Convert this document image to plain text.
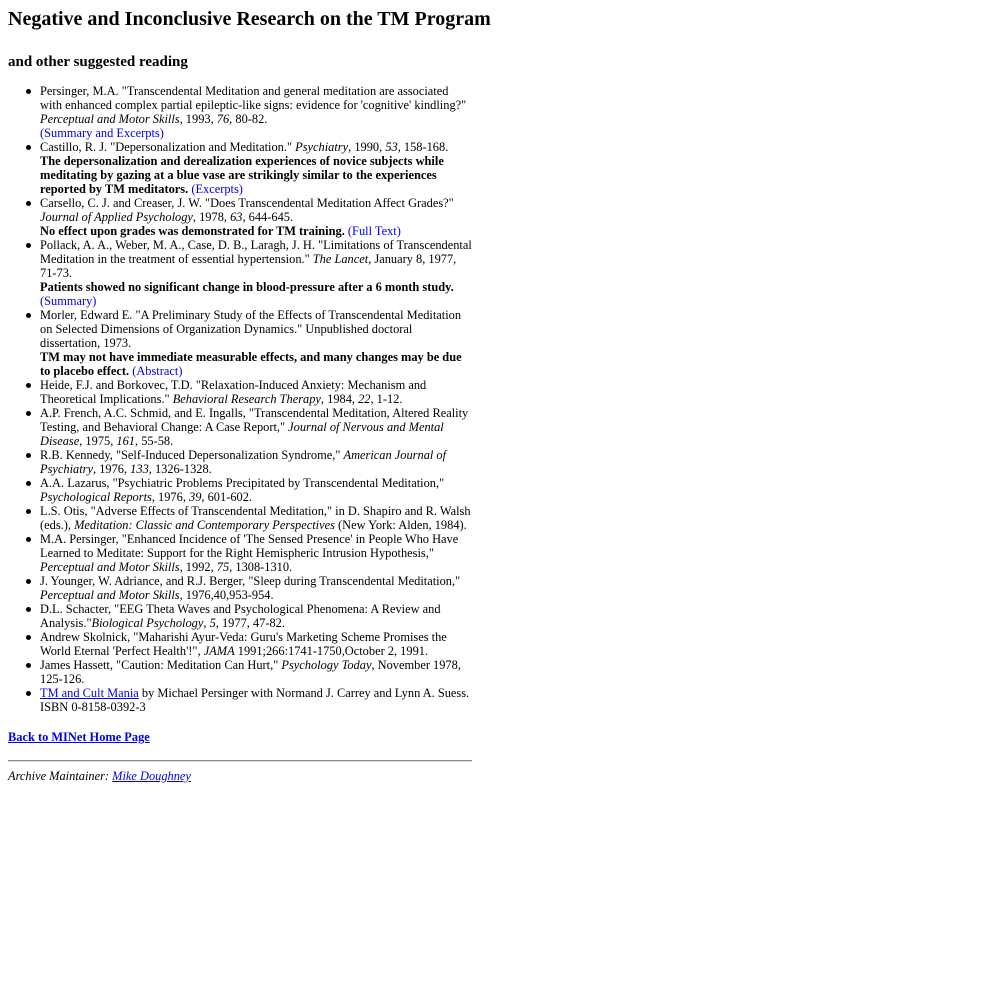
Negative and Inconclusive Research on the TM Program
and other suggested reading
Persinger, M.A. "Transcendental Meditation and general meditation are associated with enhanced complex partial epileptic-like signs: evidence for 'cognitive' kindling?" Perceptual and Motor Skills, 1993, 76, 80-82.
(Summary and Excerpts)
Castillo, R. J. "Depersonalization and Meditation." Psychiatry, 1990, 53, 158-168.
The depersonalization and derealization experiences of novice subjects while meditating by gazing at a blue vase are strikingly similar to the experiences reported by TM meditators. (Excerpts)
Carsello, C. J. and Creaser, J. W. "Does Transcendental Meditation Affect Grades?" Journal of Applied Psychology, 1978, 63, 644-645.
No effect upon grades was demonstrated for TM training. (Full Text)
Pollack, A. A., Weber, M. A., Case, D. B., Laragh, J. H. "Limitations of Transcendental Meditation in the treatment of essential hypertension." The Lancet, January 8, 1977, 71-73.
Patients showed no significant change in blood-pressure after a 6 month study. (Summary)
Morler, Edward E. "A Preliminary Study of the Effects of Transcendental Meditation on Selected Dimensions of Organization Dynamics." Unpublished doctoral dissertation, 1973.
TM may not have immediate measurable effects, and many changes may be due to placebo effect. (Abstract)
Heide, F.J. and Borkovec, T.D. "Relaxation-Induced Anxiety: Mechanism and Theoretical Implications." Behavioral Research Therapy, 1984, 22, 1-12.
A.P. French, A.C. Schmid, and E. Ingalls, "Transcendental Meditation, Altered Reality Testing, and Behavioral Change: A Case Report," Journal of Nervous and Mental Disease, 1975, 161, 55-58.
R.B. Kennedy, "Self-Induced Depersonalization Syndrome," American Journal of Psychiatry, 1976, 133, 1326-1328.
A.A. Lazarus, "Psychiatric Problems Precipitated by Transcendental Meditation," Psychological Reports, 1976, 39, 601-602.
L.S. Otis, "Adverse Effects of Transcendental Meditation," in D. Shapiro and R. Walsh (eds.), Meditation: Classic and Contemporary Perspectives (New York: Alden, 1984).
M.A. Persinger, "Enhanced Incidence of 'The Sensed Presence' in People Who Have Learned to Meditate: Support for the Right Hemispheric Intrusion Hypothesis," Perceptual and Motor Skills, 1992, 75, 1308-1310.
J. Younger, W. Adriance, and R.J. Berger, "Sleep during Transcendental Meditation," Perceptual and Motor Skills, 1976,40,953-954.
D.L. Schacter, "EEG Theta Waves and Psychological Phenomena: A Review and Analysis."Biological Psychology, 5, 1977, 47-82.
Andrew Skolnick, "Maharishi Ayur-Veda: Guru's Marketing Scheme Promises the World Eternal 'Perfect Health'!", JAMA 1991;266:1741-1750,October 2, 1991.
James Hassett, "Caution: Meditation Can Hurt," Psychology Today, November 1978, 125-126.
TM and Cult Mania by Michael Persinger with Normand J. Carrey and Lynn A. Suess. ISBN 0-8158-0392-3
Back to MINet Home Page
Archive Maintainer: Mike Doughney
